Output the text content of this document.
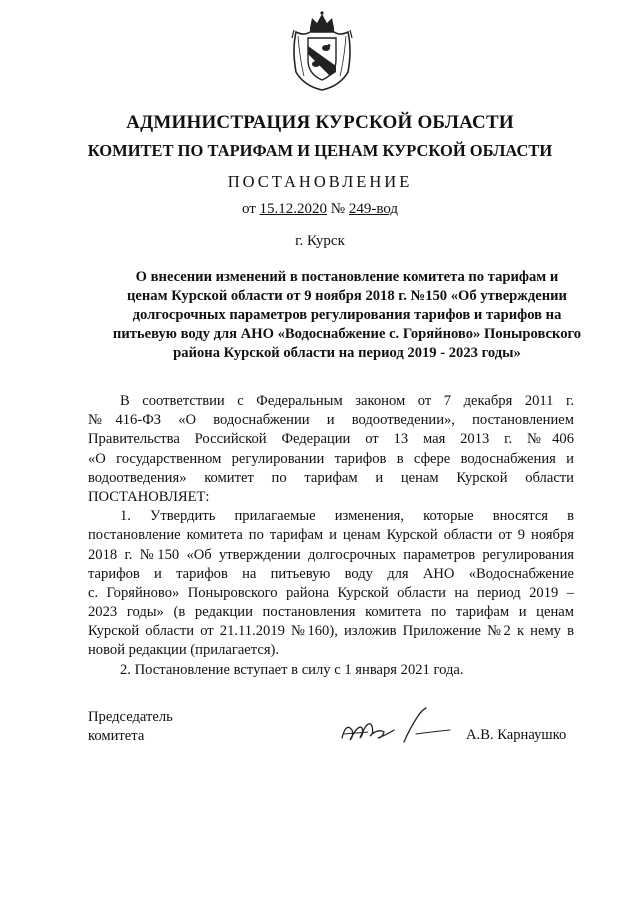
АДМИНИСТРАЦИЯ КУРСКОЙ ОБЛАСТИ
КОМИТЕТ ПО ТАРИФАМ И ЦЕНАМ КУРСКОЙ ОБЛАСТИ
ПОСТАНОВЛЕНИЕ
от 15.12.2020 № 249-вод
г. Курск
О внесении изменений в постановление комитета по тарифам и
ценам Курской области от 9 ноября 2018 г. №150 «Об утверждении
долгосрочных параметров регулирования тарифов и тарифов на
питьевую воду для АНО «Водоснабжение с. Горяйново» Поныровского
района Курской области на период 2019 - 2023 годы»
В соответствии с Федеральным законом от 7 декабря 2011 г.
№416-ФЗ «О водоснабжении и водоотведении», постановлением
Правительства Российской Федерации от 13 мая 2013 г. №406
«О государственном регулировании тарифов в сфере водоснабжения и
водоотведения» комитет по тарифам и ценам Курской области
ПОСТАНОВЛЯЕТ:
1. Утвердить прилагаемые изменения, которые вносятся в
постановление комитета по тарифам и ценам Курской области от 9 ноября
2018 г. №150 «Об утверждении долгосрочных параметров регулирования
тарифов и тарифов на питьевую воду для АНО «Водоснабжение
с. Горяйново» Поныровского района Курской области на период 2019 –
2023 годы» (в редакции постановления комитета по тарифам и ценам
Курской области от 21.11.2019 №160), изложив Приложение №2 к нему в
новой редакции (прилагается).
2. Постановление вступает в силу с 1 января 2021 года.
Председатель
комитета	А.В. Карнаушко
